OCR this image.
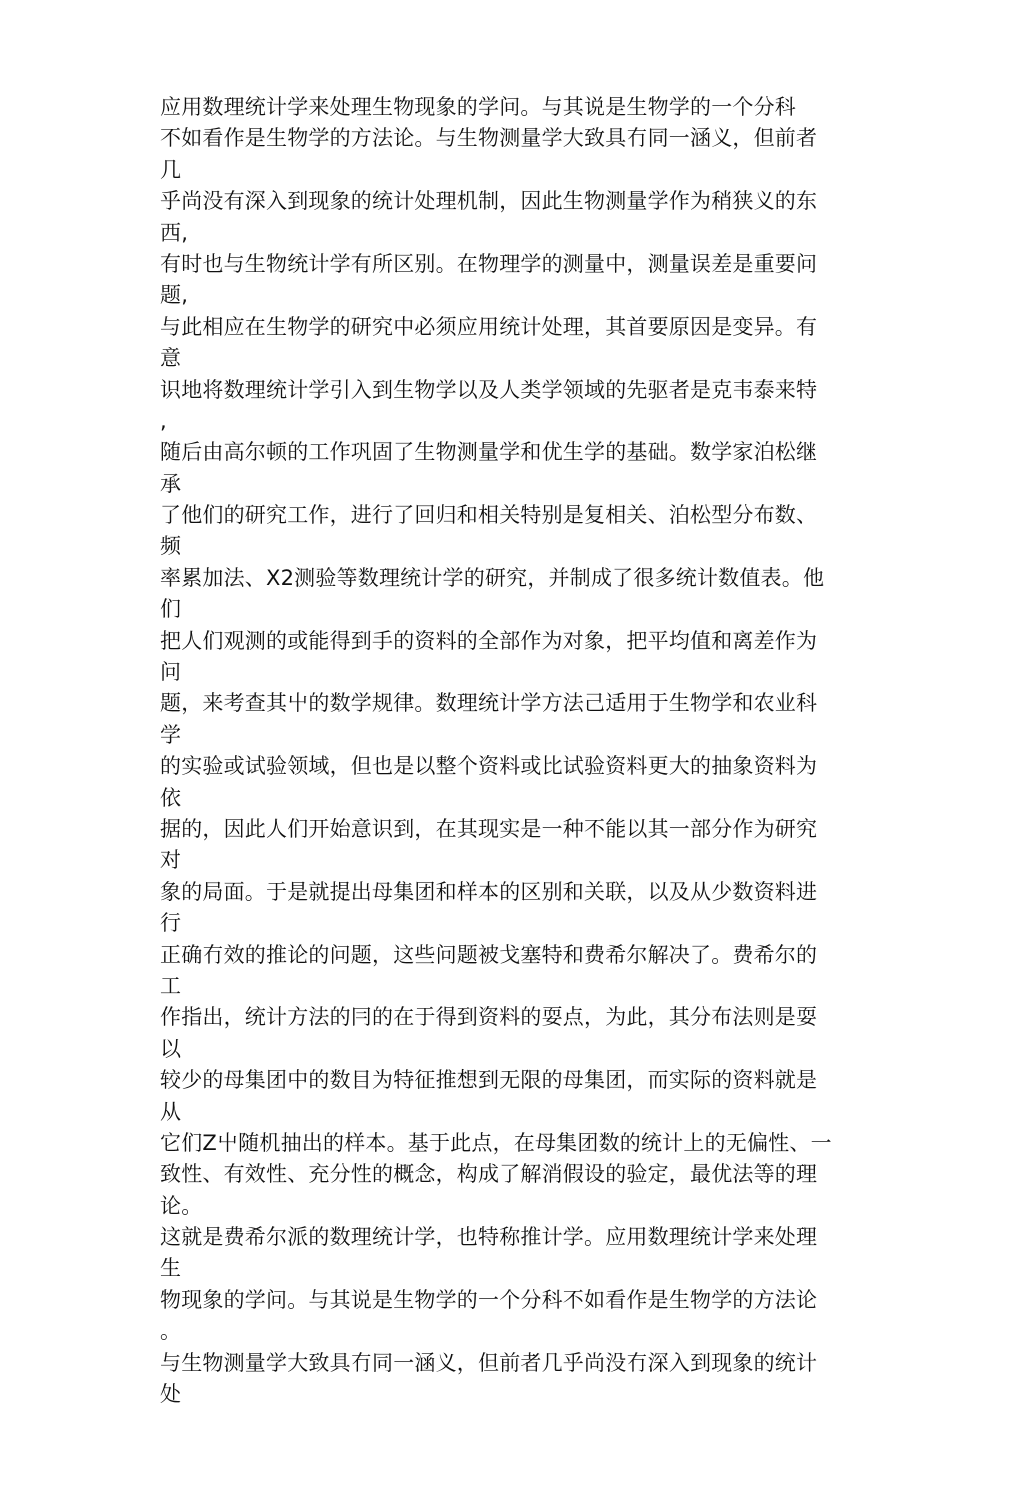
应用数理统计学来处理生物现象的学问。与其说是生物学的一个分科
不如看作是生物学的方法论。与生物测量学大致具冇同一涵义，但前者
几
乎尚没有深入到现象的统计处理机制，因此生物测量学作为稍狭义的东
西,
有时也与生物统计学有所区别。在物理学的测量中，测量误差是重要问
题,
与此相应在生物学的研究中必须应用统计处理，其首要原因是变异。有
意
识地将数理统计学引入到生物学以及人类学领域的先驱者是克韦泰来特
,
随后由高尔顿的工作巩固了生物测量学和优生学的基础。数学家泊松继
承
了他们的研究工作，进行了回归和相关特别是复相关、泊松型分布数、
频
率累加法、X2测验等数理统计学的研究，并制成了很多统计数值表。他
们
把人们观测的或能得到手的资料的全部作为对象，把平均值和离差作为
问
题，来考查其屮的数学规律。数理统计学方法己适用于生物学和农业科
学
的实验或试验领域，但也是以整个资料或比试验资料更大的抽象资料为
依
据的，因此人们开始意识到，在其现实是一种不能以其一部分作为研究
对
象的局面。于是就提出母集团和样本的区别和关联，以及从少数资料进
行
正确冇效的推论的问题，这些问题被戈塞特和费希尔解决了。费希尔的
工
作指出，统计方法的冃的在于得到资料的耍点，为此，其分布法则是耍
以
较少的母集团中的数目为特征推想到无限的母集团，而实际的资料就是
从
它们Z屮随机抽出的样本。基于此点，在母集团数的统计上的无偏性、一
致性、有效性、充分性的概念，构成了解消假设的验定，最优法等的理
论。
这就是费希尔派的数理统计学，也特称推计学。应用数理统计学来处理
生
物现象的学问。与其说是生物学的一个分科不如看作是生物学的方法论
。
与生物测量学大致具冇同一涵义，但前者几乎尚没冇深入到现象的统计
处
